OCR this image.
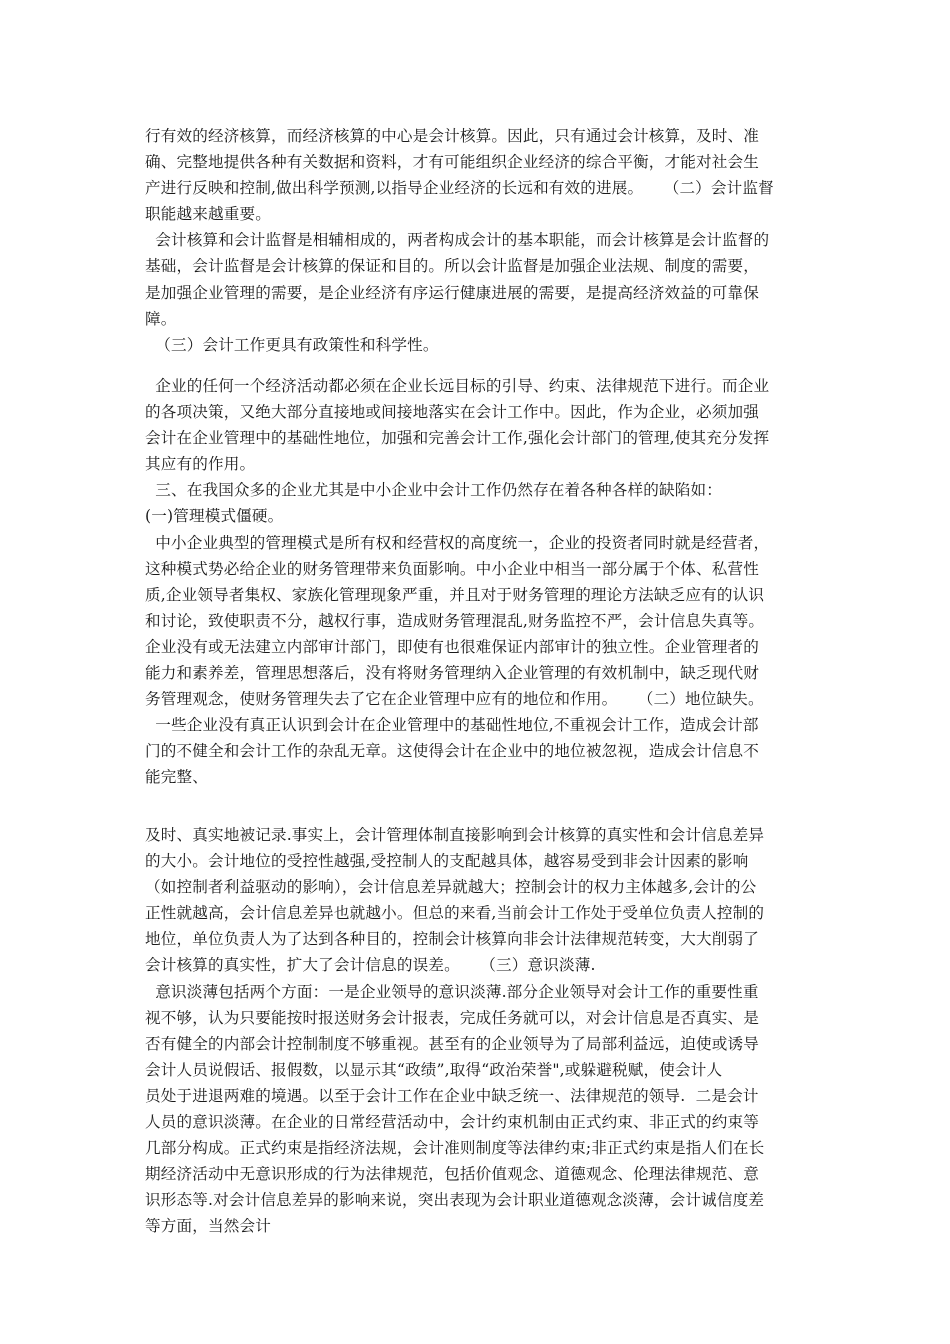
行有效的经济核算，而经济核算的中心是会计核算。因此，只有通过会计核算，及时、准
确、完整地提供各种有关数据和资料，才有可能组织企业经济的综合平衡，才能对社会生
产进行反映和控制,做出科学预测,以指导企业经济的长远和有效的进展。    （二）会计监督
职能越来越重要。
会计核算和会计监督是相辅相成的，两者构成会计的基本职能，而会计核算是会计监督的
基础，会计监督是会计核算的保证和目的。所以会计监督是加强企业法规、制度的需要，
是加强企业管理的需要，是企业经济有序运行健康进展的需要，是提高经济效益的可靠保
障。
（三）会计工作更具有政策性和科学性。
企业的任何一个经济活动都必须在企业长远目标的引导、约束、法律规范下进行。而企业
的各项决策，又绝大部分直接地或间接地落实在会计工作中。因此，作为企业，必须加强
会计在企业管理中的基础性地位，加强和完善会计工作,强化会计部门的管理,使其充分发挥
其应有的作用。
三、在我国众多的企业尤其是中小企业中会计工作仍然存在着各种各样的缺陷如：
(一)管理模式僵硬。
中小企业典型的管理模式是所有权和经营权的高度统一，企业的投资者同时就是经营者，
这种模式势必给企业的财务管理带来负面影响。中小企业中相当一部分属于个体、私营性
质,企业领导者集权、家族化管理现象严重，并且对于财务管理的理论方法缺乏应有的认识
和讨论，致使职责不分，越权行事，造成财务管理混乱,财务监控不严，会计信息失真等。
企业没有或无法建立内部审计部门，即使有也很难保证内部审计的独立性。企业管理者的
能力和素养差，管理思想落后，没有将财务管理纳入企业管理的有效机制中，缺乏现代财
务管理观念，使财务管理失去了它在企业管理中应有的地位和作用。    （二）地位缺失。
一些企业没有真正认识到会计在企业管理中的基础性地位,不重视会计工作，造成会计部
门的不健全和会计工作的杂乱无章。这使得会计在企业中的地位被忽视，造成会计信息不
能完整、
及时、真实地被记录.事实上，会计管理体制直接影响到会计核算的真实性和会计信息差异
的大小。会计地位的受控性越强,受控制人的支配越具体，越容易受到非会计因素的影响
（如控制者利益驱动的影响），会计信息差异就越大；控制会计的权力主体越多,会计的公
正性就越高，会计信息差异也就越小。但总的来看,当前会计工作处于受单位负责人控制的
地位，单位负责人为了达到各种目的，控制会计核算向非会计法律规范转变，大大削弱了
会计核算的真实性，扩大了会计信息的误差。    （三）意识淡薄.
意识淡薄包括两个方面：一是企业领导的意识淡薄.部分企业领导对会计工作的重要性重
视不够，认为只要能按时报送财务会计报表，完成任务就可以，对会计信息是否真实、是
否有健全的内部会计控制制度不够重视。甚至有的企业领导为了局部利益远，迫使或诱导
会计人员说假话、报假数，以显示其“政绩”,取得“政治荣誉",或躲避税赋，使会计人
员处于进退两难的境遇。以至于会计工作在企业中缺乏统一、法律规范的领导.  二是会计
人员的意识淡薄。在企业的日常经营活动中，会计约束机制由正式约束、非正式的约束等
几部分构成。正式约束是指经济法规，会计准则制度等法律约束;非正式约束是指人们在长
期经济活动中无意识形成的行为法律规范，包括价值观念、道德观念、伦理法律规范、意
识形态等.对会计信息差异的影响来说，突出表现为会计职业道德观念淡薄，会计诚信度差
等方面，当然会计
